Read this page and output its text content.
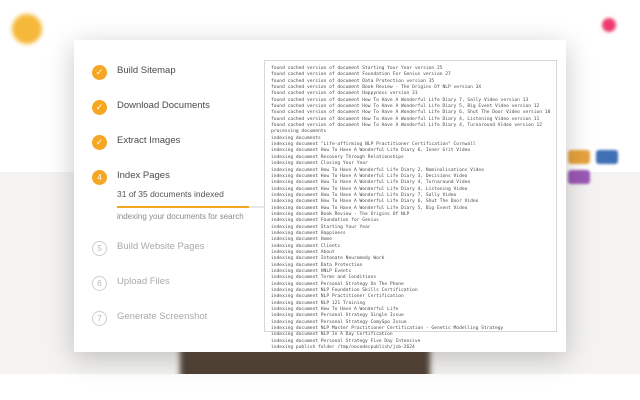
✓ Build Sitemap
✓ Download Documents
✓ Extract Images
4 Index Pages
31 of 35 documents indexed
indexing your documents for search
5 Build Website Pages
6 Upload Files
7 Generate Screenshot
found cached version of document Starting Your Year version 25
found cached version of document Foundation For Genius version 27
found cached version of document Data Protection version 35
found cached version of document Book Review - The Origins Of NLP version 3X
found cached version of document Happyness version 31
found cached version of document How To Have A Wonderful Life Diary 7, Sally Video version 13
found cached version of document How To Have A Wonderful Life Diary 5, Big Event Video version 12
found cached version of document How To Have A Wonderful Life Diary 6, Shut The Door Video version 10
found cached version of document How To Have A Wonderful Life Diary 4, Listening Video version 11
found cached version of document How To Have A Wonderful Life Diary 4, Turnaround Video version 12
processing documents
indexing documents
indexing document "Life-affirming NLP Practitioner Certification" Cornwall
indexing document How To Have A Wonderful Life Diary 6, Inner Grit Video
indexing document Recovery Through Relationships
indexing document Closing Your Year
indexing document How To Have A Wonderful Life Diary 2, Nominalisations Video
indexing document How To Have A Wonderful Life Diary 3, Decisions Video
indexing document How To Have A Wonderful Life Diary 4, Turnaround Video
indexing document How To Have A Wonderful Life Diary 4, Listening Video
indexing document How To Have A Wonderful Life Diary 7, Sally Video
indexing document How To Have A Wonderful Life Diary 6, Shut The Door Video
indexing document How To Have A Wonderful Life Diary 5, Big Event Video
indexing document Book Review - The Origins Of NLP
indexing document Foundation for Genius
indexing document Starting Your Year
indexing document Happiness
indexing document Home
indexing document Clients
indexing document About
indexing document Intonate Neuromedy Work
indexing document Data Protection
indexing document HNLP Events
indexing document Terms and Conditions
indexing document Personal Strategy On The Phone
indexing document NLP Foundation Skills Certification
indexing document NLP Practitioner Certification
indexing document NLP 121 Training
indexing document How To Have A Wonderful Life
indexing document Personal Strategy Single Issue
indexing document Personal Strategy ComySpo Issue
indexing document NLP Master Practitioner Certification - Genetic Modelling Strategy
indexing document NLP In A Day Certification
indexing document Personal Strategy Five Day Intensive
indexing publish folder /tmp/nocodecpublish/jsb-2624
